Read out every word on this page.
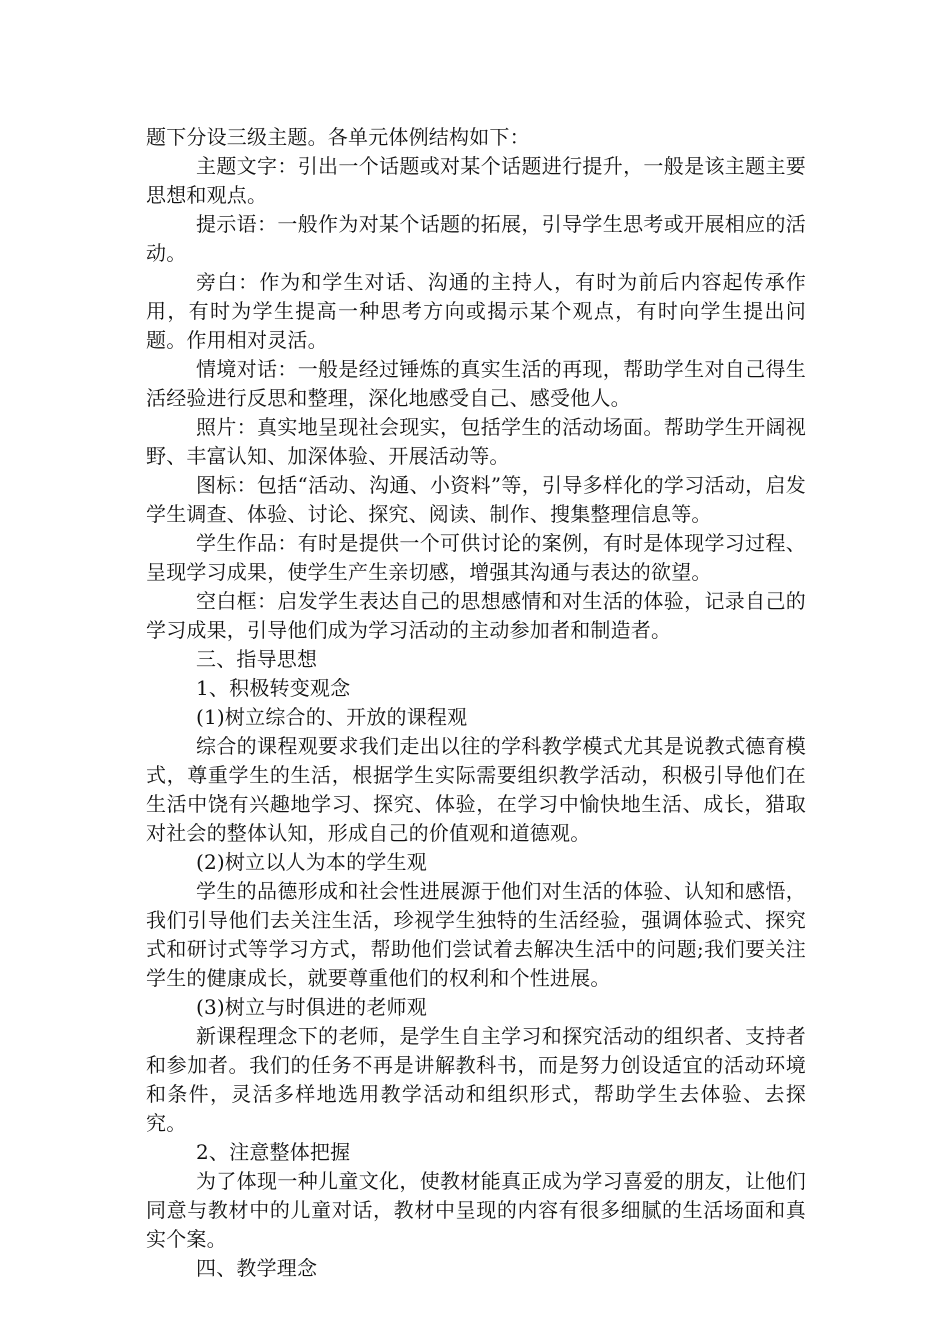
题下分设三级主题。各单元体例结构如下：

主题文字：引出一个话题或对某个话题进行提升，一般是该主题主要思想和观点。

提示语：一般作为对某个话题的拓展，引导学生思考或开展相应的活动。

旁白：作为和学生对话、沟通的主持人，有时为前后内容起传承作用，有时为学生提高一种思考方向或揭示某个观点，有时向学生提出问题。作用相对灵活。

情境对话：一般是经过锤炼的真实生活的再现，帮助学生对自己得生活经验进行反思和整理，深化地感受自己、感受他人。

照片：真实地呈现社会现实，包括学生的活动场面。帮助学生开阔视野、丰富认知、加深体验、开展活动等。

图标：包括“活动、沟通、小资料”等，引导多样化的学习活动，启发学生调查、体验、讨论、探究、阅读、制作、搜集整理信息等。

学生作品：有时是提供一个可供讨论的案例，有时是体现学习过程、呈现学习成果，使学生产生亲切感，增强其沟通与表达的欲望。

空白框：启发学生表达自己的思想感情和对生活的体验，记录自己的学习成果，引导他们成为学习活动的主动参加者和制造者。

三、指导思想

1、积极转变观念

(1)树立综合的、开放的课程观

综合的课程观要求我们走出以往的学科教学模式尤其是说教式德育模式，尊重学生的生活，根据学生实际需要组织教学活动，积极引导他们在生活中饶有兴趣地学习、探究、体验，在学习中愉快地生活、成长，猎取对社会的整体认知，形成自己的价值观和道德观。

(2)树立以人为本的学生观

学生的品德形成和社会性进展源于他们对生活的体验、认知和感悟，我们引导他们去关注生活，珍视学生独特的生活经验，强调体验式、探究式和研讨式等学习方式，帮助他们尝试着去解决生活中的问题;我们要关注学生的健康成长，就要尊重他们的权利和个性进展。

(3)树立与时俱进的老师观

新课程理念下的老师，是学生自主学习和探究活动的组织者、支持者和参加者。我们的任务不再是讲解教科书，而是努力创设适宜的活动环境和条件，灵活多样地选用教学活动和组织形式，帮助学生去体验、去探究。

2、注意整体把握

为了体现一种儿童文化，使教材能真正成为学习喜爱的朋友，让他们同意与教材中的儿童对话，教材中呈现的内容有很多细腻的生活场面和真实个案。

四、教学理念
